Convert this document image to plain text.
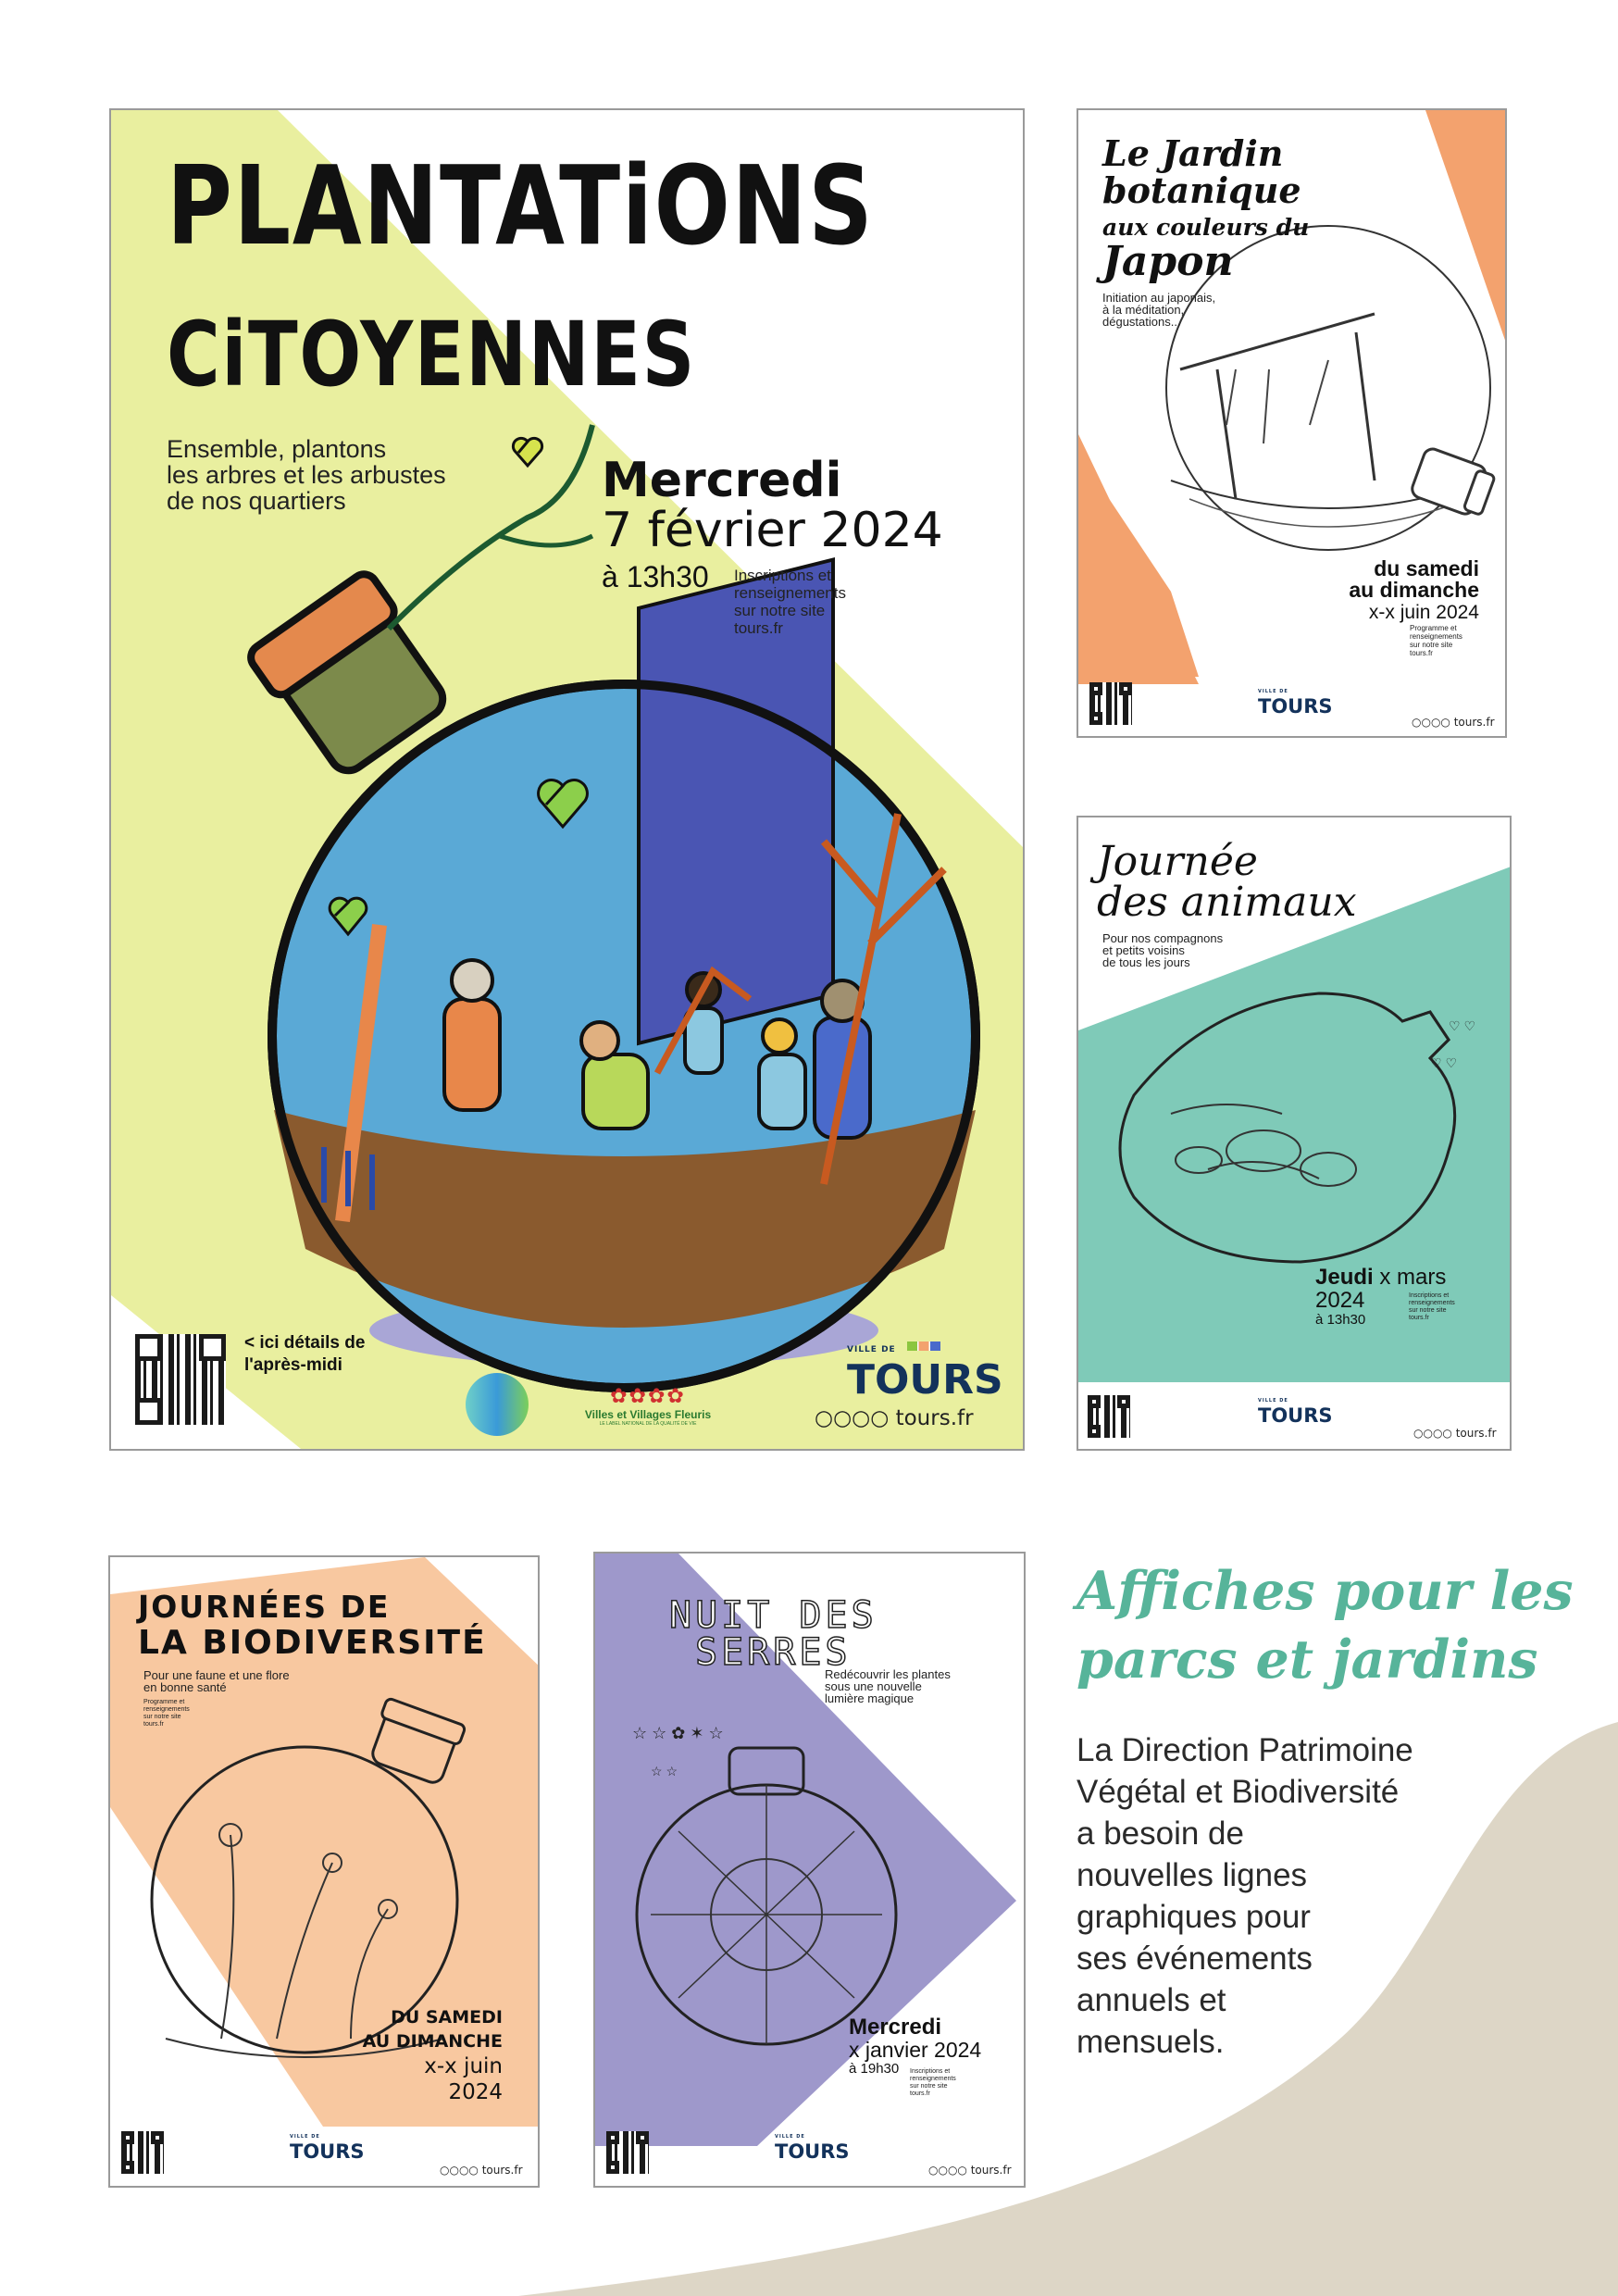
PLANTATiONS
CiTOYENNES
Ensemble, plantons
les arbres et les arbustes
de nos quartiers	Mercredi
7 février 2024
à 13h30 Inscriptions et
renseignements
sur notre site
tours.fr
< ici détails de
l'après-midi
✿✿✿✿
Villes et Villages Fleuris
LE LABEL NATIONAL DE LA QUALITÉ DE VIE
VILLE DE
TOURS
○○○○ tours.fr
Le Jardin
botanique
aux couleurs du
Japon
Initiation au japonais,
à la méditation,
dégustations...
du samedi
au dimanche
x-x juin 2024
Programme et
renseignements
sur notre site
tours.fr
VILLE DE
TOURS
○○○○ tours.fr
♡ ♡
♡ ♡
Journée
des animaux
Pour nos compagnons
et petits voisins
de tous les jours
Jeudi x mars
2024
à 13h30
Inscriptions et
renseignements
sur notre site
tours.fr
VILLE DE
TOURS
○○○○ tours.fr
JOURNÉES DE
LA BIODIVERSITÉ
Pour une faune et une flore
en bonne santé
Programme et
renseignements
sur notre site
tours.fr
DU SAMEDI
AU DIMANCHE
x-x juin
2024
VILLE DE
TOURS
○○○○ tours.fr
☆ ☆ ✿ ✶ ☆
☆ ☆
NUIT DES
SERRES
Redécouvrir les plantes
sous une nouvelle
lumière magique
Mercredi
x janvier 2024
à 19h30	Inscriptions et
renseignements
sur notre site
tours.fr
VILLE DE
TOURS
○○○○ tours.fr
Affiches pour les
parcs et jardins
La Direction Patrimoine
Végétal et Biodiversité
a besoin de
nouvelles lignes
graphiques pour
ses événements
annuels et
mensuels.
